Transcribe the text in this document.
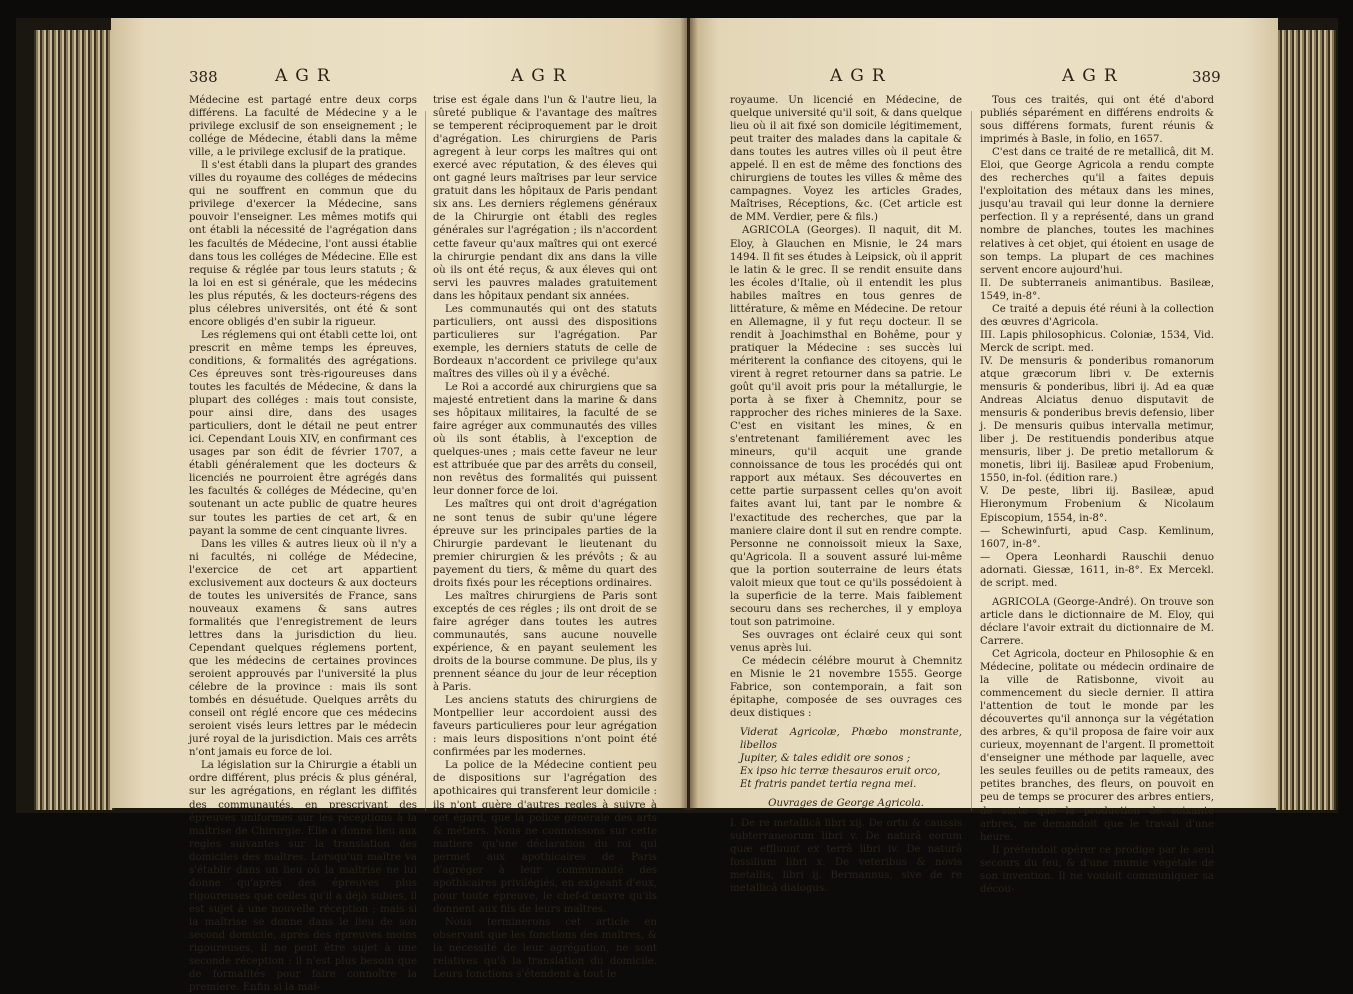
388	AGR	AGR

Médecine est partagé entre deux corps différens. La faculté de Médecine y a le privilege exclusif de son enseignement ; le collége de Médecine, établi dans la même ville, a le privilege exclusif de la pratique.

Il s'est établi dans la plupart des grandes villes du royaume des colléges de médecins qui ne souffrent en commun que du privilege d'exercer la Médecine, sans pouvoir l'enseigner. Les mêmes motifs qui ont établi la nécessité de l'agrégation dans les facultés de Médecine, l'ont aussi établie dans tous les colléges de Médecine. Elle est requise & réglée par tous leurs statuts ; & la loi en est si générale, que les médecins les plus réputés, & les docteurs-régens des plus célebres universités, ont été & sont encore obligés d'en subir la rigueur.

Les réglemens qui ont établi cette loi, ont prescrit en même temps les épreuves, conditions, & formalités des agrégations. Ces épreuves sont très-rigoureuses dans toutes les facultés de Médecine, & dans la plupart des colléges : mais tout consiste, pour ainsi dire, dans des usages particuliers, dont le détail ne peut entrer ici. Cependant Louis XIV, en confirmant ces usages par son édit de février 1707, a établi généralement que les docteurs & licenciés ne pourroient être agrégés dans les facultés & colléges de Médecine, qu'en soutenant un acte public de quatre heures sur toutes les parties de cet art, & en payant la somme de cent cinquante livres.

Dans les villes & autres lieux où il n'y a ni facultés, ni collége de Médecine, l'exercice de cet art appartient exclusivement aux docteurs & aux docteurs de toutes les universités de France, sans nouveaux examens & sans autres formalités que l'enregistrement de leurs lettres dans la jurisdiction du lieu. Cependant quelques réglemens portent, que les médecins de certaines provinces seroient approuvés par l'université la plus célebre de la province : mais ils sont tombés en désuétude. Quelques arrêts du conseil ont réglé encore que ces médecins seroient visés leurs lettres par le médecin juré royal de la jurisdiction. Mais ces arrêts n'ont jamais eu force de loi.

La législation sur la Chirurgie a établi un ordre différent, plus précis & plus général, sur les agrégations, en réglant les diffités des communautés, en prescrivant des épreuves uniformes sur les réceptions à la maîtrise de Chirurgie. Elle a donné lieu aux regles suivantes sur la translation des domiciles des maîtres. Lorsqu'un maître va s'établir dans un lieu où la maîtrise ne lui donne qu'après des épreuves plus rigoureuses que celles qu'il a déjà subies, il est sujet à une nouvelle réception ; mais si la maîtrise se donne dans le lieu de son second domicile, après des épreuves moins rigoureuses, il ne peut être sujet à une seconde réception : il n'est plus besoin que de formalités pour faire connoître la premiere. Enfin si la maî-

trise est égale dans l'un & l'autre lieu, la sûreté publique & l'avantage des maîtres se temperent réciproquement par le droit d'agrégation. Les chirurgiens de Paris agregent à leur corps les maîtres qui ont exercé avec réputation, & des éleves qui ont gagné leurs maîtrises par leur service gratuit dans les hôpitaux de Paris pendant six ans. Les derniers réglemens généraux de la Chirurgie ont établi des regles générales sur l'agrégation ; ils n'accordent cette faveur qu'aux maîtres qui ont exercé la chirurgie pendant dix ans dans la ville où ils ont été reçus, & aux éleves qui ont servi les pauvres malades gratuitement dans les hôpitaux pendant six années.

Les communautés qui ont des statuts particuliers, ont aussi des dispositions particulieres sur l'agrégation. Par exemple, les derniers statuts de celle de Bordeaux n'accordent ce privilege qu'aux maîtres des villes où il y a évêché.

Le Roi a accordé aux chirurgiens que sa majesté entretient dans la marine & dans ses hôpitaux militaires, la faculté de se faire agréger aux communautés des villes où ils sont établis, à l'exception de quelques-unes ; mais cette faveur ne leur est attribuée que par des arrêts du conseil, non revêtus des formalités qui puissent leur donner force de loi.

Les maîtres qui ont droit d'agrégation ne sont tenus de subir qu'une légere épreuve sur les principales parties de la Chirurgie pardevant le lieutenant du premier chirurgien & les prévôts ; & au payement du tiers, & même du quart des droits fixés pour les réceptions ordinaires.

Les maîtres chirurgiens de Paris sont exceptés de ces régles ; ils ont droit de se faire agréger dans toutes les autres communautés, sans aucune nouvelle expérience, & en payant seulement les droits de la bourse commune. De plus, ils y prennent séance du jour de leur réception à Paris.

Les anciens statuts des chirurgiens de Montpellier leur accordoient aussi des faveurs particulieres pour leur agrégation : mais leurs dispositions n'ont point été confirmées par les modernes.

La police de la Médecine contient peu de dispositions sur l'agrégation des apothicaires qui transferent leur domicile : ils n'ont guère d'autres regles à suivre à cet égard, que la police générale des arts & métiers. Nous ne connoissons sur cette matiere qu'une déclaration du roi qui permet aux apothicaires de Paris d'agréger à leur communauté des apothicaires privilégiés, en exigeant d'eux, pour toute épreuve, le chef-d'œuvre qu'ils donnent aux fils de leurs maîtres.

Nous terminerons cet article en observant que les fonctions des maîtres, & la nécessité de leur agrégation, ne sont relatives qu'à la translation du domicile. Leurs fonctions s'étendent à tout le

AGR	AGR	389

royaume. Un licencié en Médecine, de quelque université qu'il soit, & dans quelque lieu où il ait fixé son domicile légitimement, peut traiter des malades dans la capitale & dans toutes les autres villes où il peut être appelé. Il en est de même des fonctions des chirurgiens de toutes les villes & même des campagnes. Voyez les articles Grades, Maîtrises, Réceptions, &c. (Cet article est de MM. Verdier, pere & fils.)

AGRICOLA (Georges). Il naquit, dit M. Eloy, à Glauchen en Misnie, le 24 mars 1494. Il fit ses études à Leipsick, où il apprit le latin & le grec. Il se rendit ensuite dans les écoles d'Italie, où il entendit les plus habiles maîtres en tous genres de littérature, & même en Médecine. De retour en Allemagne, il y fut reçu docteur. Il se rendit à Joachimsthal en Bohême, pour y pratiquer la Médecine : ses succès lui mériterent la confiance des citoyens, qui le virent à regret retourner dans sa patrie. Le goût qu'il avoit pris pour la métallurgie, le porta à se fixer à Chemnitz, pour se rapprocher des riches minieres de la Saxe. C'est en visitant les mines, & en s'entretenant familiérement avec les mineurs, qu'il acquit une grande connoissance de tous les procédés qui ont rapport aux métaux. Ses découvertes en cette partie surpassent celles qu'on avoit faites avant lui, tant par le nombre & l'exactitude des recherches, que par la maniere claire dont il sut en rendre compte. Personne ne connoissoit mieux la Saxe, qu'Agricola. Il a souvent assuré lui-même que la portion souterraine de leurs états valoit mieux que tout ce qu'ils possédoient à la superficie de la terre. Mais faiblement secouru dans ses recherches, il y employa tout son patrimoine.

Ses ouvrages ont éclairé ceux qui sont venus après lui.

Ce médecin célébre mourut à Chemnitz en Misnie le 21 novembre 1555. George Fabrice, son contemporain, a fait son épitaphe, composée de ses ouvrages ces deux distiques :

Viderat Agricolæ, Phœbo monstrante, libellos

Jupiter, & tales edidit ore sonos ;

Ex ipso hic terræ thesauros eruit orco,

Et fratris pandet tertia regna mei.

Ouvrages de George Agricola.

I. De re metallicâ libri xij. De ortu & caussis subterraneorum libri v. De naturâ eorum quæ effluunt ex terrâ libri iv. De naturâ fossilium libri x. De veteribus & novis metallis, libri ij. Bermannus, sive de re metallicâ dialogus.

Tous ces traités, qui ont été d'abord publiés séparément en différens endroits & sous différens formats, furent réunis & imprimés à Basle, in folio, en 1657.

C'est dans ce traité de re metallicâ, dit M. Eloi, que George Agricola a rendu compte des recherches qu'il a faites depuis l'exploitation des métaux dans les mines, jusqu'au travail qui leur donne la derniere perfection. Il y a représenté, dans un grand nombre de planches, toutes les machines relatives à cet objet, qui étoient en usage de son temps. La plupart de ces machines servent encore aujourd'hui.

II. De subterraneis animantibus. Basileæ, 1549, in-8°.

Ce traité a depuis été réuni à la collection des œuvres d'Agricola.

III. Lapis philosophicus. Coloniæ, 1534, Vid. Merck de script. med.

IV. De mensuris & ponderibus romanorum atque græcorum libri v. De externis mensuris & ponderibus, libri ij. Ad ea quæ Andreas Alciatus denuo disputavit de mensuris & ponderibus brevis defensio, liber j. De mensuris quibus intervalla metimur, liber j. De restituendis ponderibus atque mensuris, liber j. De pretio metallorum & monetis, libri iij. Basileæ apud Frobenium, 1550, in-fol. (édition rare.)

V. De peste, libri iij. Basileæ, apud Hieronymum Frobenium & Nicolaum Episcopium, 1554, in-8°.

— Schewinfurti, apud Casp. Kemlinum, 1607, in-8°.

— Opera Leonhardi Rauschii denuo adornati. Giessæ, 1611, in-8°. Ex Mercekl. de script. med.

AGRICOLA (George-André). On trouve son article dans le dictionnaire de M. Eloy, qui déclare l'avoir extrait du dictionnaire de M. Carrere.

Cet Agricola, docteur en Philosophie & en Médecine, politate ou médecin ordinaire de la ville de Ratisbonne, vivoit au commencement du siecle dernier. Il attira l'attention de tout le monde par les découvertes qu'il annonça sur la végétation des arbres, & qu'il proposa de faire voir aux curieux, moyennant de l'argent. Il promettoit d'enseigner une méthode par laquelle, avec les seules feuilles ou de petits rameaux, des petites branches, des fleurs, on pouvoit en peu de temps se procurer des arbres entiers, de sorte que la production de soixante arbres, ne demandoit que le travail d'une heure.

Il prétendoit opérer ce prodige par le seul secours du feu, & d'une mumie végétale de son invention. Il ne vouloit communiquer sa décou-
